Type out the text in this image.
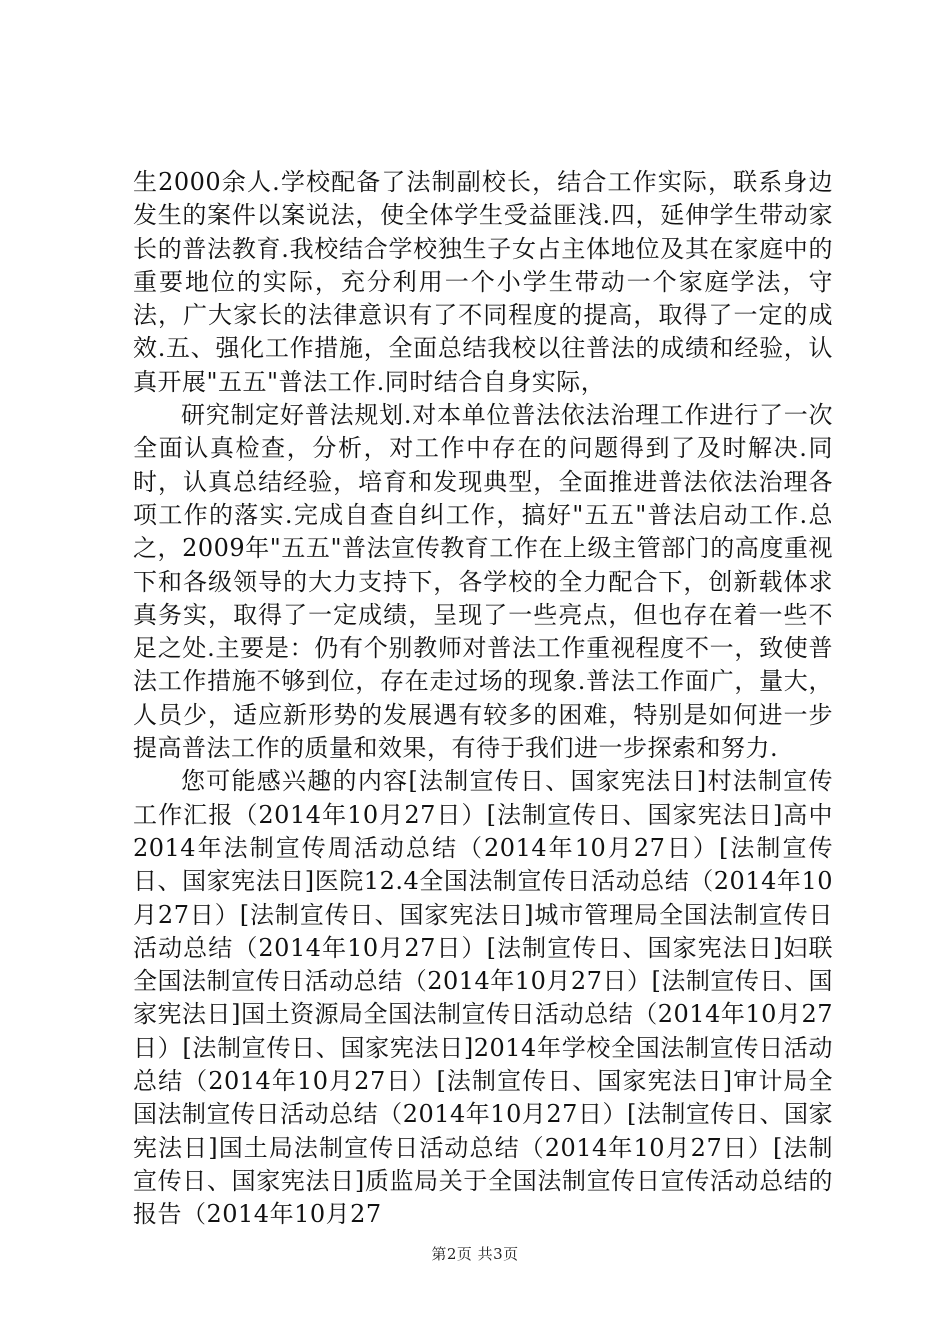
生2000余人.学校配备了法制副校长，结合工作实际，联系身边发生的案件以案说法，使全体学生受益匪浅.四，延伸学生带动家长的普法教育.我校结合学校独生子女占主体地位及其在家庭中的重要地位的实际，充分利用一个小学生带动一个家庭学法，守法，广大家长的法律意识有了不同程度的提高，取得了一定的成效.五、强化工作措施，全面总结我校以往普法的成绩和经验，认真开展"五五"普法工作.同时结合自身实际，

研究制定好普法规划.对本单位普法依法治理工作进行了一次全面认真检查，分析，对工作中存在的问题得到了及时解决.同时，认真总结经验，培育和发现典型，全面推进普法依法治理各项工作的落实.完成自查自纠工作，搞好"五五"普法启动工作.总之，2009年"五五"普法宣传教育工作在上级主管部门的高度重视下和各级领导的大力支持下，各学校的全力配合下，创新载体求真务实，取得了一定成绩，呈现了一些亮点，但也存在着一些不足之处.主要是：仍有个别教师对普法工作重视程度不一，致使普法工作措施不够到位，存在走过场的现象.普法工作面广，量大，人员少，适应新形势的发展遇有较多的困难，特别是如何进一步提高普法工作的质量和效果，有待于我们进一步探索和努力.

您可能感兴趣的内容[法制宣传日、国家宪法日]村法制宣传工作汇报（2014年10月27日）[法制宣传日、国家宪法日]高中2014年法制宣传周活动总结（2014年10月27日）[法制宣传日、国家宪法日]医院12.4全国法制宣传日活动总结（2014年10月27日）[法制宣传日、国家宪法日]城市管理局全国法制宣传日活动总结（2014年10月27日）[法制宣传日、国家宪法日]妇联全国法制宣传日活动总结（2014年10月27日）[法制宣传日、国家宪法日]国土资源局全国法制宣传日活动总结（2014年10月27日）[法制宣传日、国家宪法日]2014年学校全国法制宣传日活动总结（2014年10月27日）[法制宣传日、国家宪法日]审计局全国法制宣传日活动总结（2014年10月27日）[法制宣传日、国家宪法日]国土局法制宣传日活动总结（2014年10月27日）[法制宣传日、国家宪法日]质监局关于全国法制宣传日宣传活动总结的报告（2014年10月27

第2页 共3页
